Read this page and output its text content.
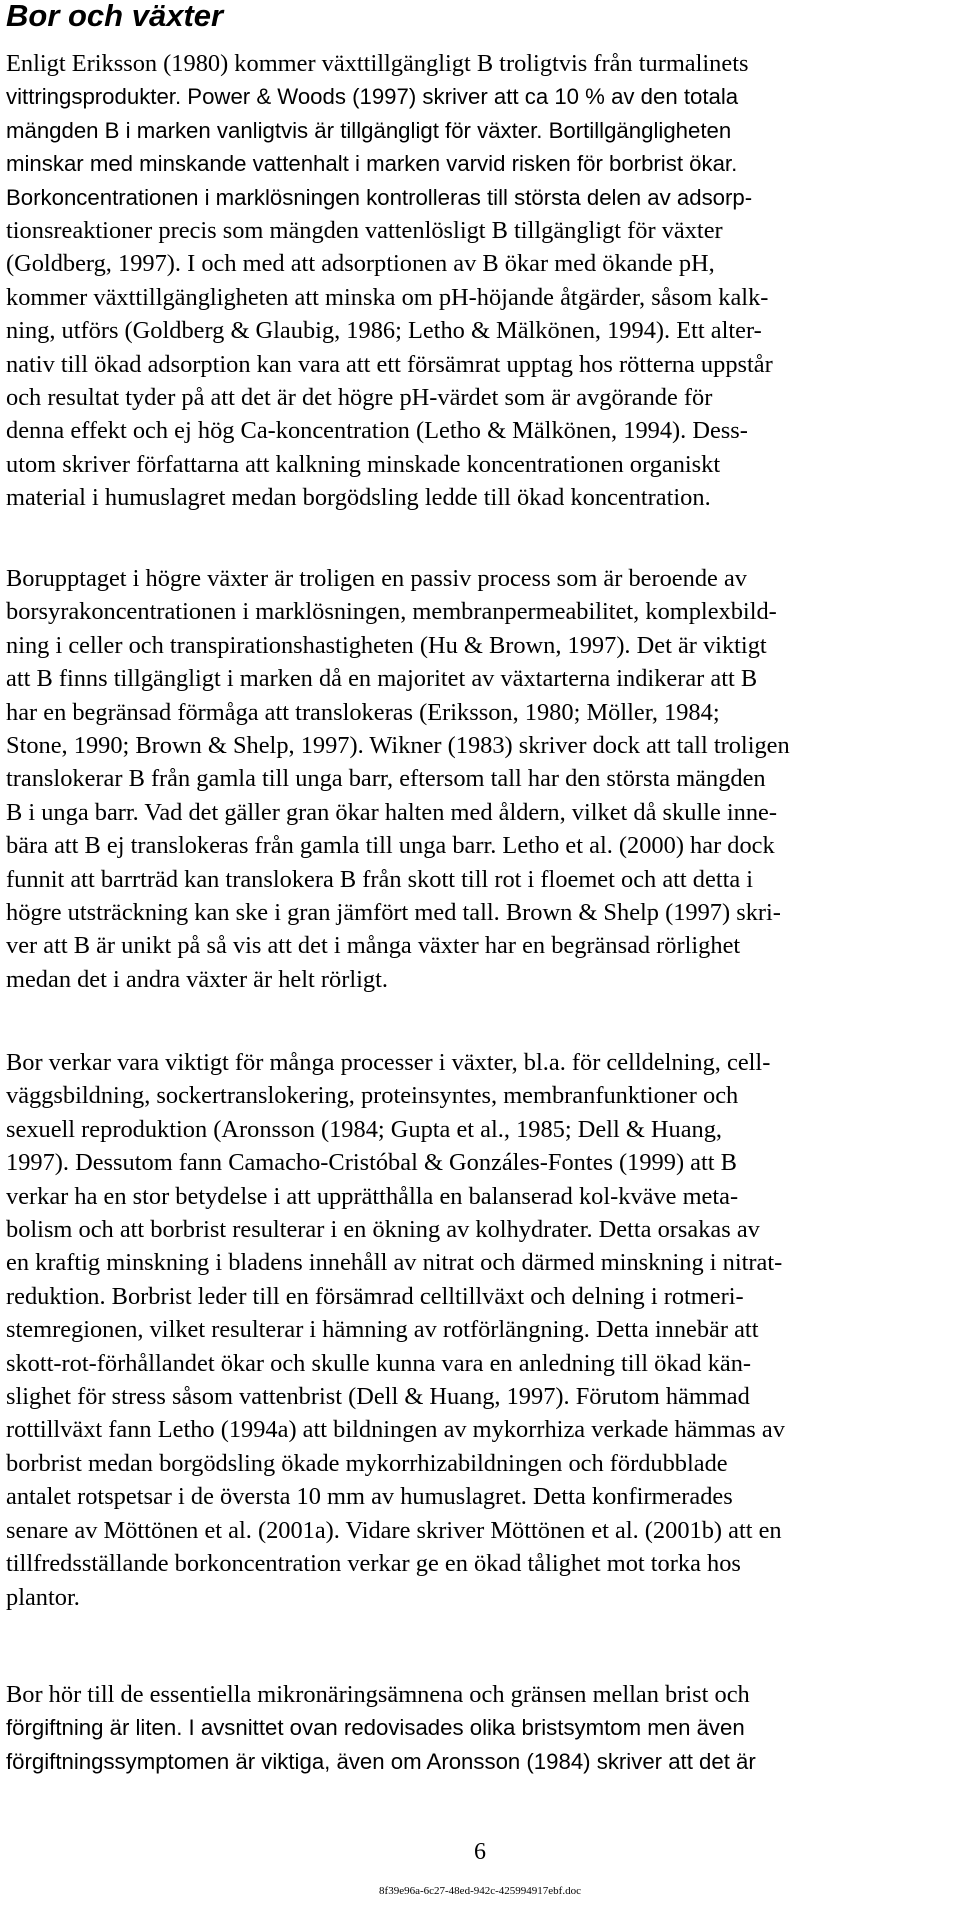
Bor och växter
Enligt Eriksson (1980) kommer växttillgängligt B troligtvis från turmalinets
vittringsprodukter. Power & Woods (1997) skriver att ca 10 % av den totala
mängden B i marken vanligtvis är tillgängligt för växter. Bortillgängligheten
minskar med minskande vattenhalt i marken varvid risken för borbrist ökar.
Borkoncentrationen i marklösningen kontrolleras till största delen av adsorp-
tionsreaktioner precis som mängden vattenlösligt B tillgängligt för växter
(Goldberg, 1997). I och med att adsorptionen av B ökar med ökande pH,
kommer växttillgängligheten att minska om pH-höjande åtgärder, såsom kalk-
ning, utförs (Goldberg & Glaubig, 1986; Letho & Mälkönen, 1994). Ett alter-
nativ till ökad adsorption kan vara att ett försämrat upptag hos rötterna uppstår
och resultat tyder på att det är det högre pH-värdet som är avgörande för
denna effekt och ej hög Ca-koncentration (Letho & Mälkönen, 1994). Dess-
utom skriver författarna att kalkning minskade koncentrationen organiskt
material i humuslagret medan borgödsling ledde till ökad koncentration.
Borupptaget i högre växter är troligen en passiv process som är beroende av
borsyrakoncentrationen i marklösningen, membranpermeabilitet, komplexbild-
ning i celler och transpirationshastigheten (Hu & Brown, 1997). Det är viktigt
att B finns tillgängligt i marken då en majoritet av växtarterna indikerar att B
har en begränsad förmåga att translokeras (Eriksson, 1980; Möller, 1984;
Stone, 1990; Brown & Shelp, 1997). Wikner (1983) skriver dock att tall troligen
translokerar B från gamla till unga barr, eftersom tall har den största mängden
B i unga barr. Vad det gäller gran ökar halten med åldern, vilket då skulle inne-
bära att B ej translokeras från gamla till unga barr. Letho et al. (2000) har dock
funnit att barrträd kan translokera B från skott till rot i floemet och att detta i
högre utsträckning kan ske i gran jämfört med tall. Brown & Shelp (1997) skri-
ver att B är unikt på så vis att det i många växter har en begränsad rörlighet
medan det i andra växter är helt rörligt.
Bor verkar vara viktigt för många processer i växter, bl.a. för celldelning, cell-
väggsbildning, sockertranslokering, proteinsyntes, membranfunktioner och
sexuell reproduktion (Aronsson (1984; Gupta et al., 1985; Dell & Huang,
1997). Dessutom fann Camacho-Cristóbal & Gonzáles-Fontes (1999) att B
verkar ha en stor betydelse i att upprätthålla en balanserad kol-kväve meta-
bolism och att borbrist resulterar i en ökning av kolhydrater. Detta orsakas av
en kraftig minskning i bladens innehåll av nitrat och därmed minskning i nitrat-
reduktion. Borbrist leder till en försämrad celltillväxt och delning i rotmeri-
stemregionen, vilket resulterar i hämning av rotförlängning. Detta innebär att
skott-rot-förhållandet ökar och skulle kunna vara en anledning till ökad kän-
slighet för stress såsom vattenbrist (Dell & Huang, 1997). Förutom hämmad
rottillväxt fann Letho (1994a) att bildningen av mykorrhiza verkade hämmas av
borbrist medan borgödsling ökade mykorrhizabildningen och fördubblade
antalet rotspetsar i de översta 10 mm av humuslagret. Detta konfirmerades
senare av Möttönen et al. (2001a). Vidare skriver Möttönen et al. (2001b) att en
tillfredsställande borkoncentration verkar ge en ökad tålighet mot torka hos
plantor.
Bor hör till de essentiella mikronäringsämnena och gränsen mellan brist och
förgiftning är liten. I avsnittet ovan redovisades olika bristsymtom men även
förgiftningssymptomen är viktiga, även om Aronsson (1984) skriver att det är

6

8f39e96a-6c27-48ed-942c-425994917ebf.doc
